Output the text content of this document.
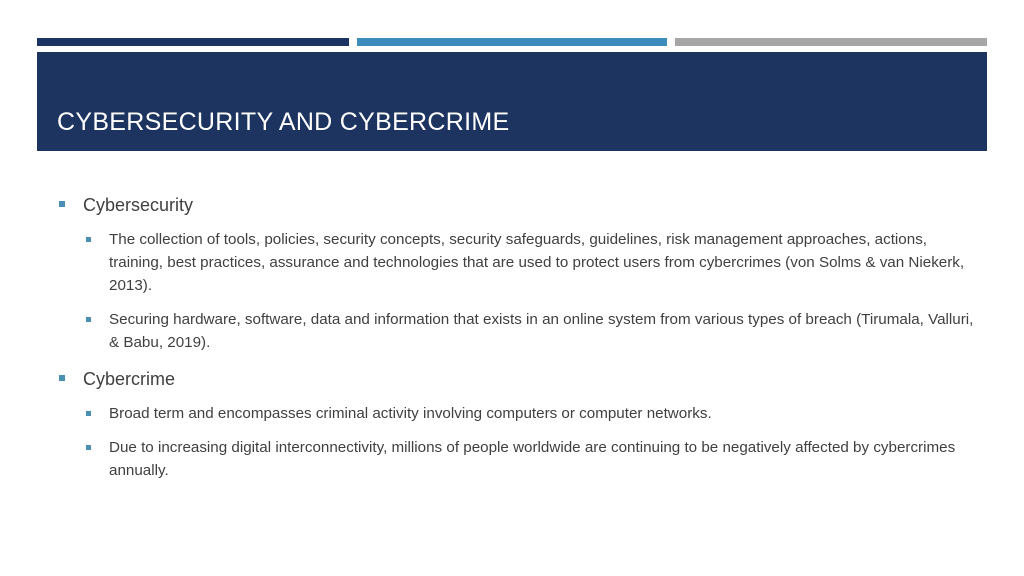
CYBERSECURITY AND CYBERCRIME

Cybersecurity

The collection of tools, policies, security concepts, security safeguards, guidelines, risk management approaches, actions, training, best practices, assurance and technologies that are used to protect users from cybercrimes (von Solms & van Niekerk, 2013).

Securing hardware, software, data and information that exists in an online system from various types of breach (Tirumala, Valluri, & Babu, 2019).

Cybercrime

Broad term and encompasses criminal activity involving computers or computer networks.

Due to increasing digital interconnectivity, millions of people worldwide are continuing to be negatively affected by cybercrimes annually.
